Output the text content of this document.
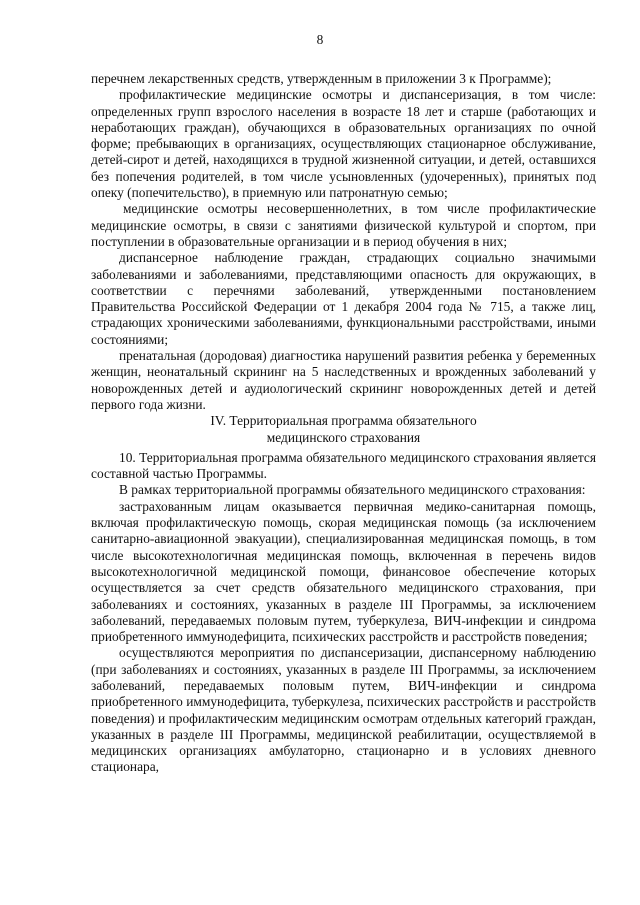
8

перечнем лекарственных средств, утвержденным в приложении 3 к Программе);

профилактические медицинские осмотры и диспансеризация, в том числе: определенных групп взрослого населения в возрасте 18 лет и старше (работающих и неработающих граждан), обучающихся в образовательных организациях по очной форме; пребывающих в организациях, осуществляющих стационарное обслуживание, детей-сирот и детей, находящихся в трудной жизненной ситуации, и детей, оставшихся без попечения родителей, в том числе усыновленных (удочеренных), принятых под опеку (попечительство), в приемную или патронатную семью;

медицинские осмотры несовершеннолетних, в том числе профилактические медицинские осмотры, в связи с занятиями физической культурой и спортом, при поступлении в образовательные организации и в период обучения в них;

диспансерное наблюдение граждан, страдающих социально значимыми заболеваниями и заболеваниями, представляющими опасность для окружающих, в соответствии с перечнями заболеваний, утвержденными постановлением Правительства Российской Федерации от 1 декабря 2004 года № 715, а также лиц, страдающих хроническими заболеваниями, функциональными расстройствами, иными состояниями;

пренатальная (дородовая) диагностика нарушений развития ребенка у беременных женщин, неонатальный скрининг на 5 наследственных и врожденных заболеваний у новорожденных детей и аудиологический скрининг новорожденных детей и детей первого года жизни.

IV. Территориальная программа обязательного
медицинского страхования

10. Территориальная программа обязательного медицинского страхования является составной частью Программы.

В рамках территориальной программы обязательного медицинского страхования:

застрахованным лицам оказывается первичная медико-санитарная помощь, включая профилактическую помощь, скорая медицинская помощь (за исключением санитарно-авиационной эвакуации), специализированная медицинская помощь, в том числе высокотехнологичная медицинская помощь, включенная в перечень видов высокотехнологичной медицинской помощи, финансовое обеспечение которых осуществляется за счет средств обязательного медицинского страхования, при заболеваниях и состояниях, указанных в разделе III Программы, за исключением заболеваний, передаваемых половым путем, туберкулеза, ВИЧ-инфекции и синдрома приобретенного иммунодефицита, психических расстройств и расстройств поведения;

осуществляются мероприятия по диспансеризации, диспансерному наблюдению (при заболеваниях и состояниях, указанных в разделе III Программы, за исключением заболеваний, передаваемых половым путем, ВИЧ-инфекции и синдрома приобретенного иммунодефицита, туберкулеза, психических расстройств и расстройств поведения) и профилактическим медицинским осмотрам отдельных категорий граждан, указанных в разделе III Программы, медицинской реабилитации, осуществляемой в медицинских организациях амбулаторно, стационарно и в условиях дневного стационара,
